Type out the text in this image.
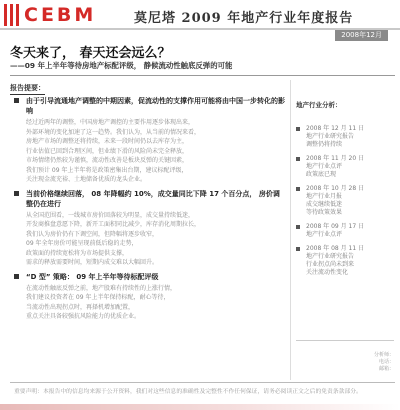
CEBM	莫尼塔 2009 年地产行业年度报告
2008年12月
冬天来了， 春天还会远么？
——09 年上半年等待房地产标配评级， 静候流动性触底反弹的可能
报告提要：
由于引导流通地产调整的中期因素，促流动性的支撑作用可能将由中国一步转化的影响
经过近两年的调整，中国房地产调控的主要作用逐步体现出来，
外部环境的变化加速了这一趋势。我们认为，从当前的情况来看，
房地产市场的调整还将持续，未来一段时间仍以去库存为主，
行业估值已回到合理区间，但业绩下滑的风险尚未完全释放，
市场情绪仍然较为谨慎，流动性改善是板块反弹的关键因素，
我们预计 09 年上半年将是政策密集出台期，建议标配评级，
关注现金流充裕、土地储备优质的龙头企业。
当前价格继续回落， 08 年降幅约 10%，成交量同比下降 17 个百分点， 房价调整仍在进行
从全国范围看，一线城市房价回落较为明显，成交量持续低迷，
开发商推盘意愿下降，新开工面积同比减少，库存消化周期拉长，
我们认为房价仍有下调空间，但降幅将逐步收窄，
09 年全年房价可能呈现前低后稳的走势，
政策面的持续宽松将为市场提供支撑，
需求的释放需要时间，短期内成交难以大幅回升。
“D 型” 策略： 09 年上半年等待标配评级
在流动性触底反弹之前，地产股难有持续性的上涨行情，
我们建议投资者在 09 年上半年保持标配，耐心等待，
当流动性出现拐点时，再择机增加配置，
重点关注具备较强抗风险能力的优质企业。
地产行业分析：
2008 年 12 月 11 日
地产行业研究报告
调整仍将持续
2008 年 11 月 20 日
地产行业点评
政策底已现
2008 年 10 月 28 日
地产行业月报
成交继续低迷
等待政策效果
2008 年 09 月 17 日
地产行业点评
2008 年 08 月 11 日
地产行业研究报告
行业拐点尚未到来
关注流动性变化
分析师：
电话：
邮箱：
重要声明：本报告中的信息均来源于公开资料，我们对这些信息的准确性及完整性不作任何保证，请务必阅读正文之后的免责条款部分。
